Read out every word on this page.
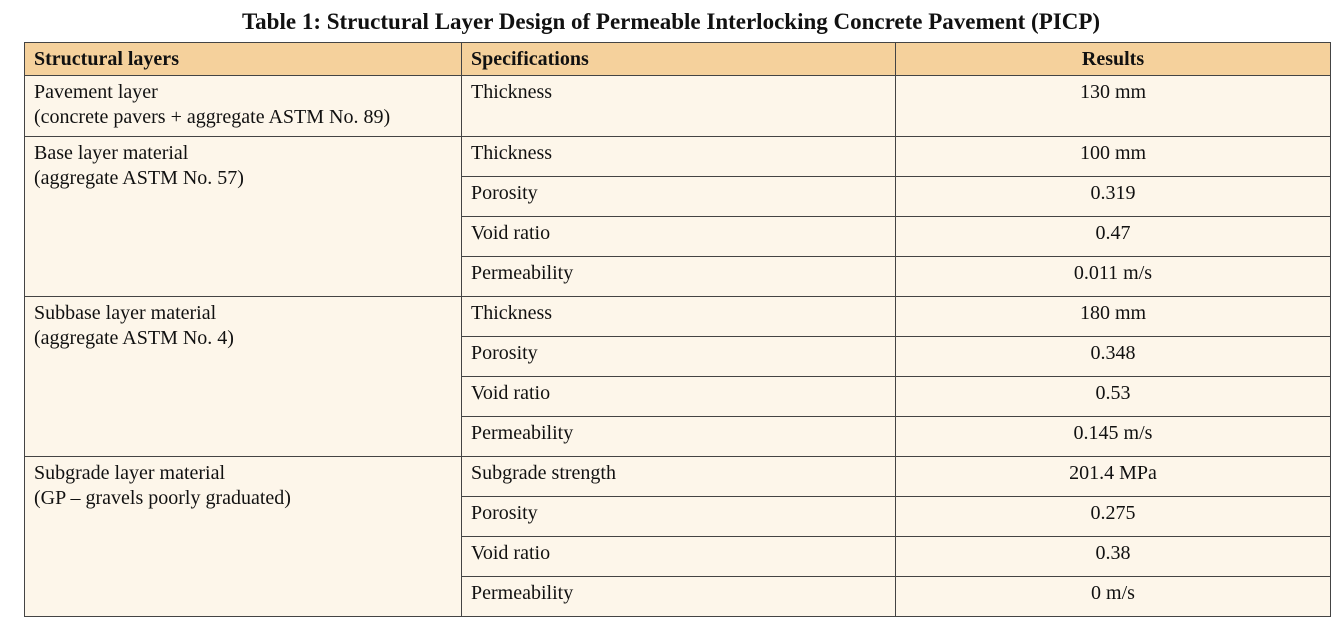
Table 1: Structural Layer Design of Permeable Interlocking Concrete Pavement (PICP)
Structural layers	Specifications	Results

Pavement layer
(concrete pavers + aggregate ASTM No. 89)	Thickness	130 mm

Base layer material
(aggregate ASTM No. 57)	Thickness	100 mm
	Porosity	0.319
	Void ratio	0.47
	Permeability	0.011 m/s

Subbase layer material
(aggregate ASTM No. 4)	Thickness	180 mm
	Porosity	0.348
	Void ratio	0.53
	Permeability	0.145 m/s

Subgrade layer material
(GP – gravels poorly graduated)	Subgrade strength	201.4 MPa
	Porosity	0.275
	Void ratio	0.38
	Permeability	0 m/s
